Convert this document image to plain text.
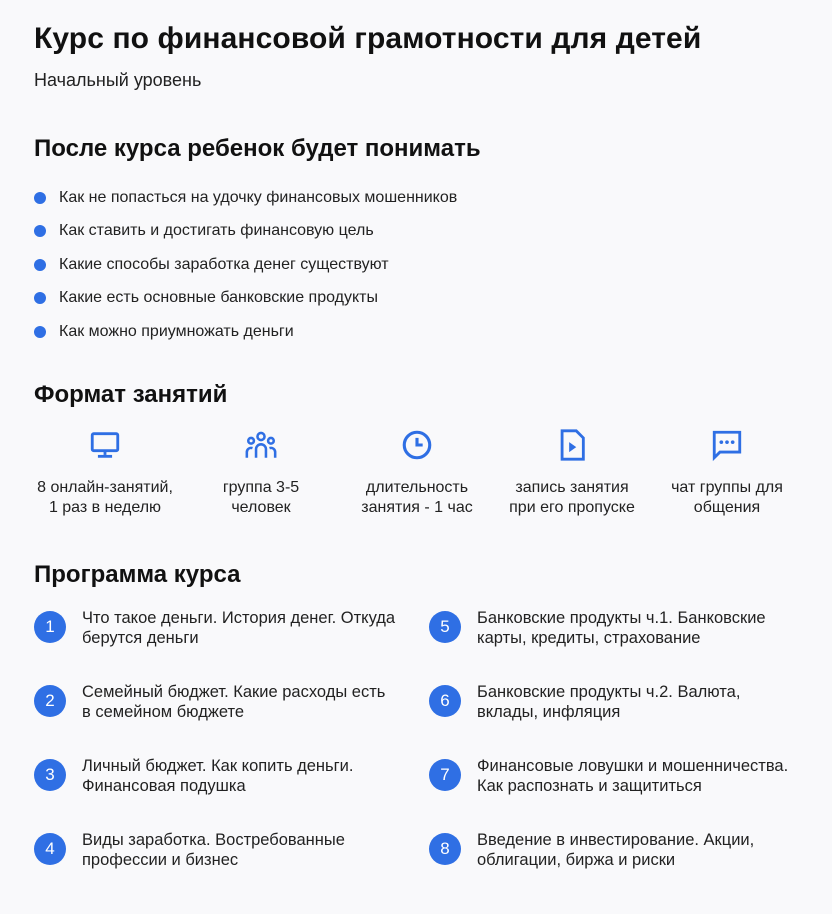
Курс по финансовой грамотности для детей
Начальный уровень
После курса ребенок будет понимать
Как не попасться на удочку финансовых мошенников
Как ставить и достигать финансовую цель
Какие способы заработка денег существуют
Какие есть основные банковские продукты
Как можно приумножать деньги
Формат занятий
8 онлайн-занятий,
1 раз в неделю
группа 3-5
человек
длительность
занятия - 1 час
запись занятия
при его пропуске
чат группы для
общения
Программа курса
1	Что такое деньги. История денег. Откуда
берутся деньги
2	Семейный бюджет. Какие расходы есть
в семейном бюджете
3	Личный бюджет. Как копить деньги.
Финансовая подушка
4	Виды заработка. Востребованные
профессии и бизнес
5	Банковские продукты ч.1. Банковские
карты, кредиты, страхование
6	Банковские продукты ч.2. Валюта,
вклады, инфляция
7	Финансовые ловушки и мошенничества.
Как распознать и защититься
8	Введение в инвестирование. Акции,
облигации, биржа и риски
